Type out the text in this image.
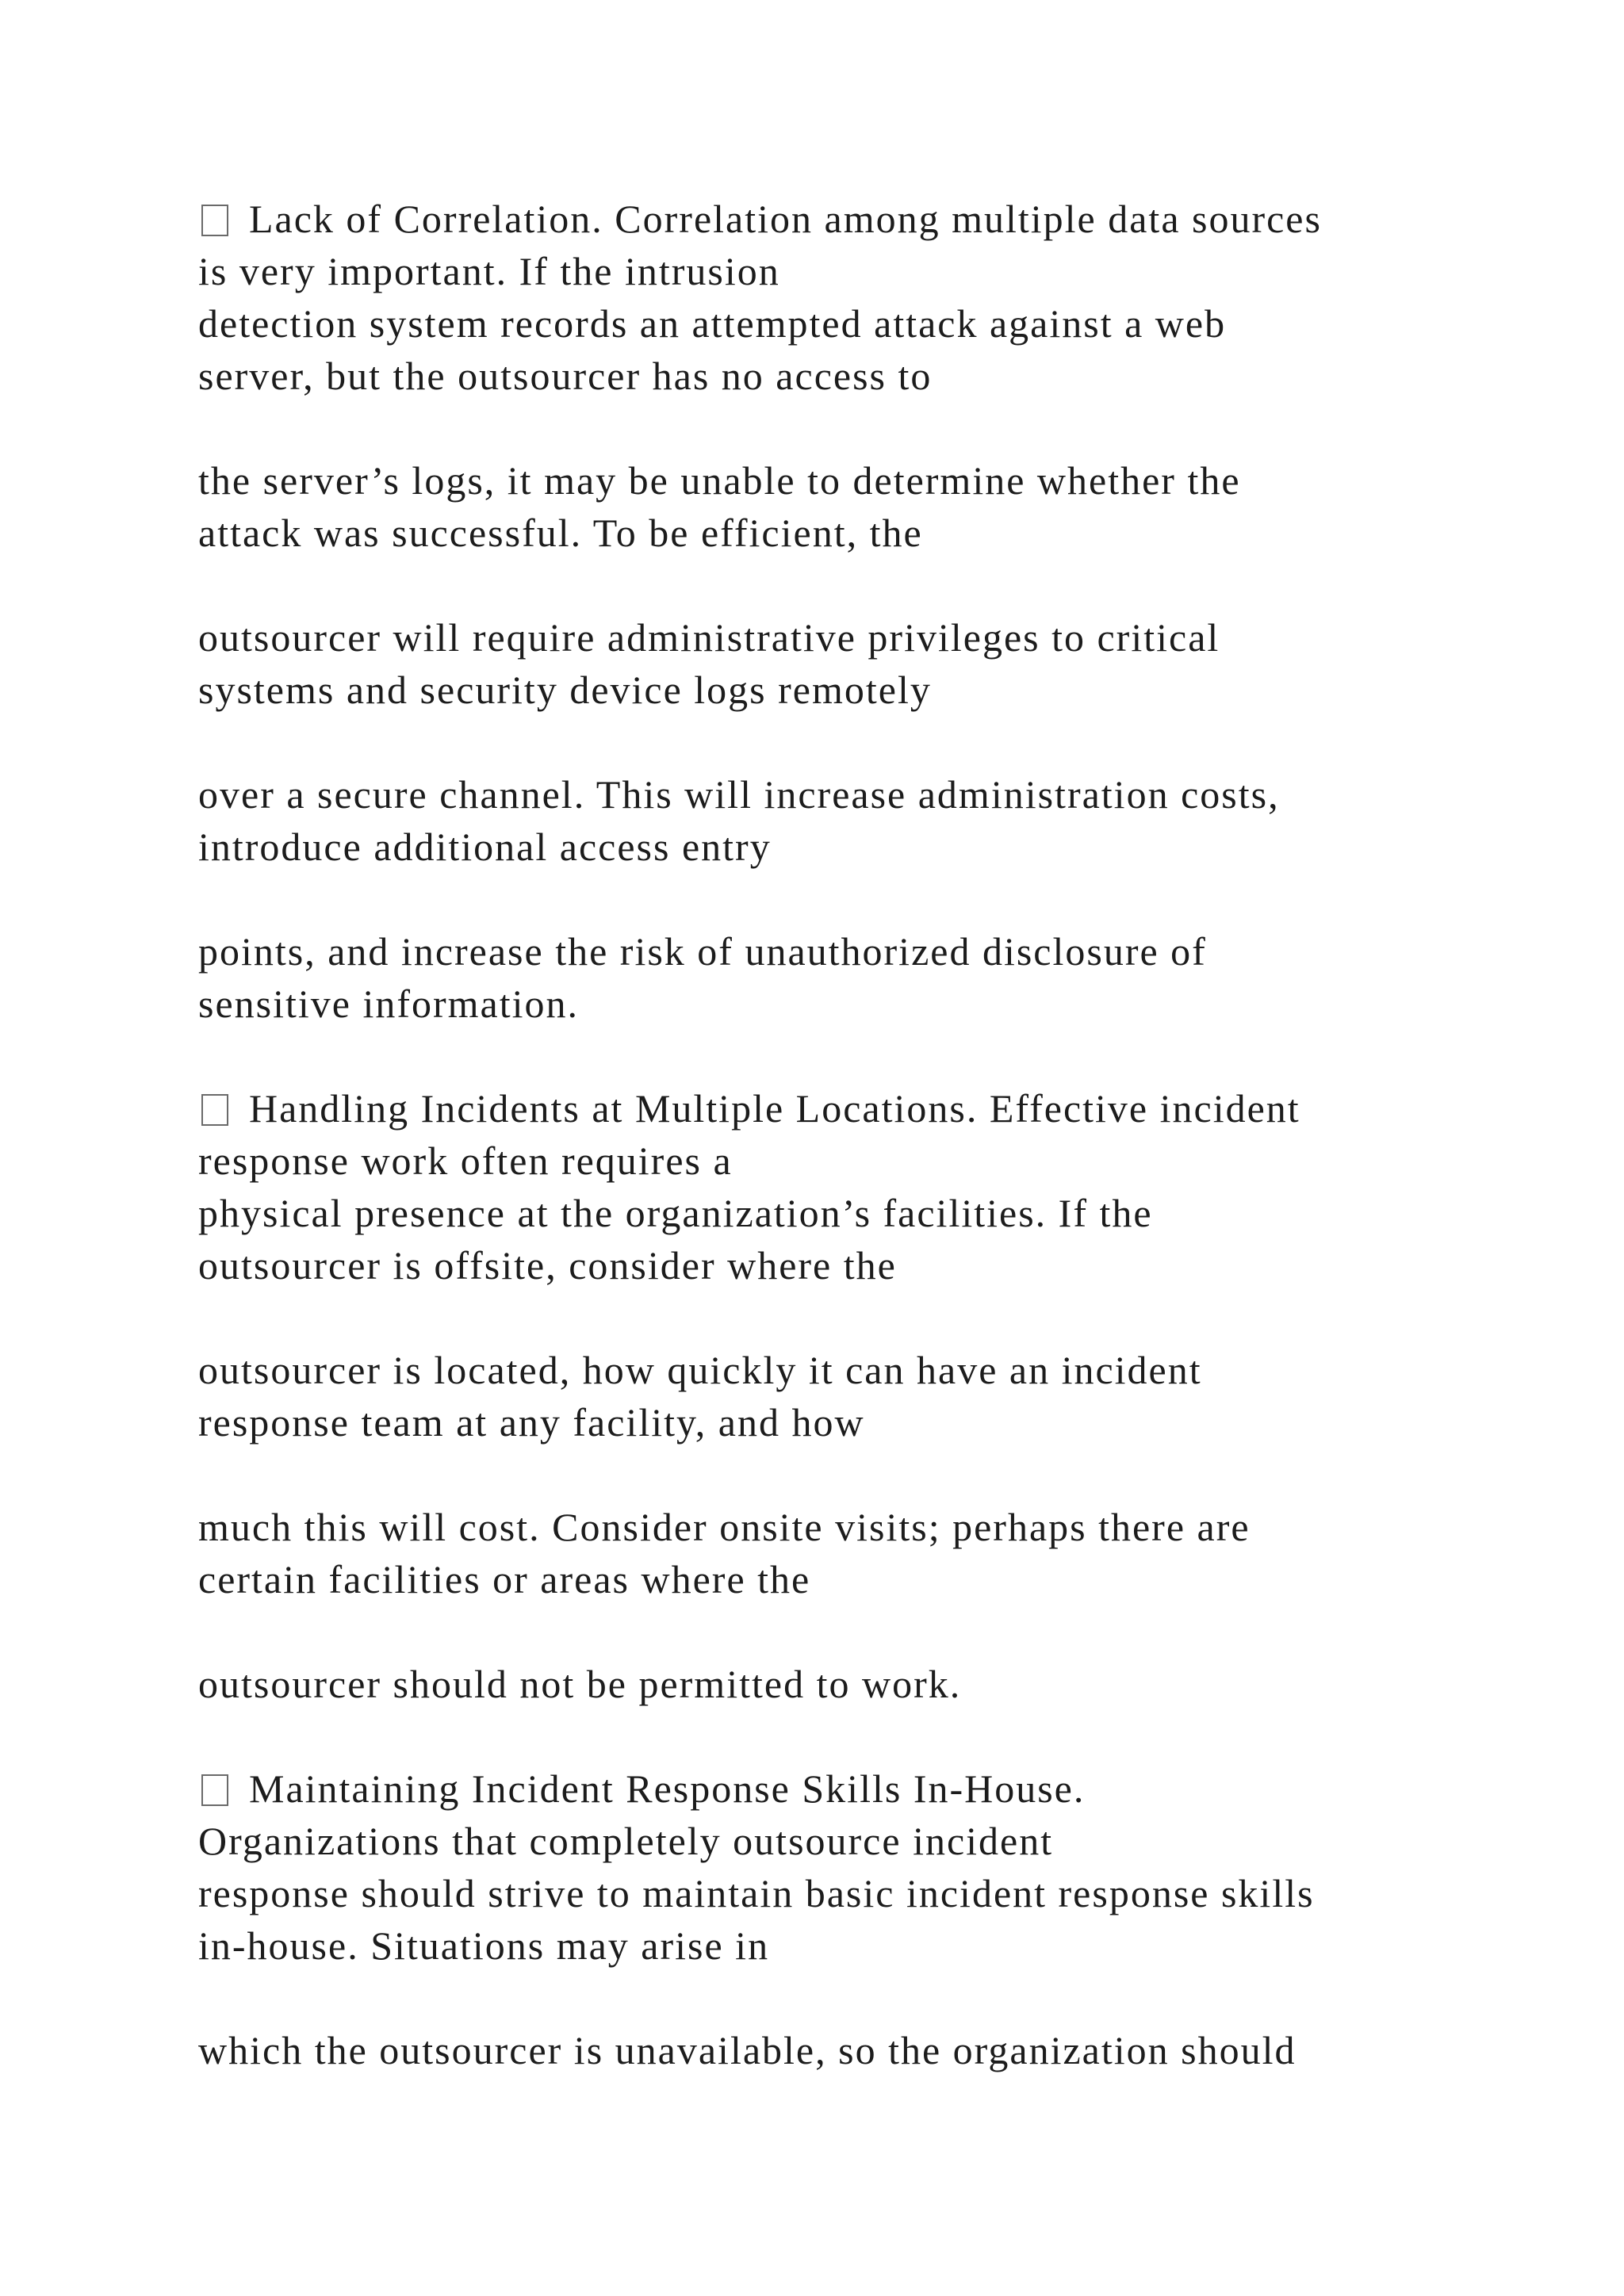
Lack of Correlation. Correlation among multiple data sources
is very important. If the intrusion
detection system records an attempted attack against a web
server, but the outsourcer has no access to
the server’s logs, it may be unable to determine whether the
attack was successful. To be efficient, the
outsourcer will require administrative privileges to critical
systems and security device logs remotely
over a secure channel. This will increase administration costs,
introduce additional access entry
points, and increase the risk of unauthorized disclosure of
sensitive information.
Handling Incidents at Multiple Locations. Effective incident
response work often requires a
physical presence at the organization’s facilities. If the
outsourcer is offsite, consider where the
outsourcer is located, how quickly it can have an incident
response team at any facility, and how
much this will cost. Consider onsite visits; perhaps there are
certain facilities or areas where the
outsourcer should not be permitted to work.
Maintaining Incident Response Skills In-House.
Organizations that completely outsource incident
response should strive to maintain basic incident response skills
in-house. Situations may arise in
which the outsourcer is unavailable, so the organization should
